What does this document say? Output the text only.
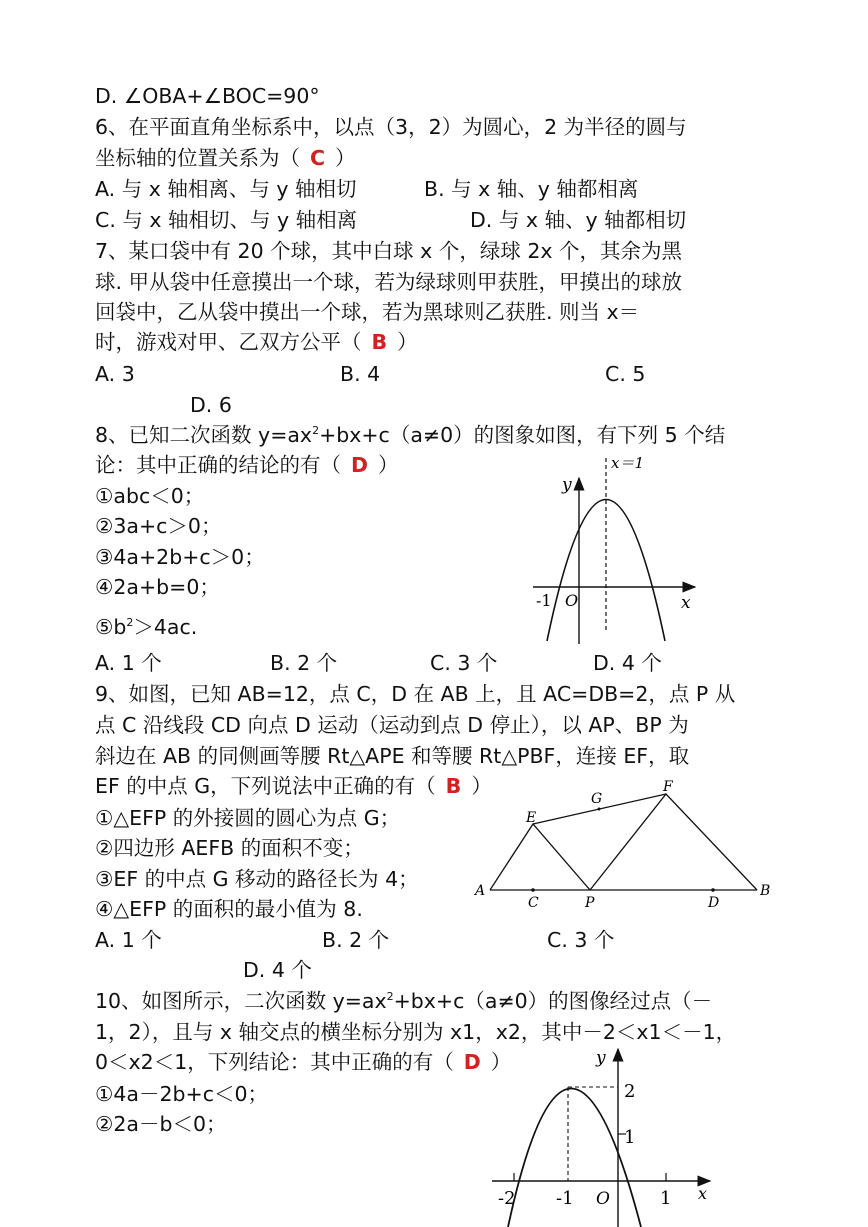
D. ∠OBA+∠BOC=90°
6、在平面直角坐标系中，以点（3，2）为圆心，2 为半径的圆与
坐标轴的位置关系为（ C ）
A. 与 x 轴相离、与 y 轴相切	B. 与 x 轴、y 轴都相离
C. 与 x 轴相切、与 y 轴相离	D. 与 x 轴、y 轴都相切
7、某口袋中有 20 个球，其中白球 x 个，绿球 2x 个，其余为黑
球. 甲从袋中任意摸出一个球，若为绿球则甲获胜，甲摸出的球放
回袋中，乙从袋中摸出一个球，若为黑球则乙获胜. 则当 x＝
时，游戏对甲、乙双方公平（ B ）
A. 3	B. 4	C. 5
D. 6
8、已知二次函数 $y=ax^2+bx+c(a\ne 0)$的图象如图，有下列 5 个结
论：其中正确的结论的有（ D ）
①abc＜0；
②3a+c＞0；
③4a+2b+c＞0；
④2a+b=0；
$⑤b^2>4ac$.
A. 1 个	B. 2 个	C. 3 个	D. 4 个
x＝1
y
x
O
-1
9、如图，已知 AB=12，点 C，D 在 AB 上，且 AC=DB=2，点 P 从
点 C 沿线段 CD 向点 D 运动（运动到点 D 停止），以 AP、BP 为
斜边在 AB 的同侧画等腰 Rt△APE 和等腰 Rt△PBF，连接 EF，取
EF 的中点 G，下列说法中正确的有（ B ）
①△EFP 的外接圆的圆心为点 G；
②四边形 AEFB 的面积不变；
③EF 的中点 G 移动的路径长为 4；
④△EFP 的面积的最小值为 8.
A. 1 个	B. 2 个	C. 3 个
D. 4 个
A	B
C	P	D
E
F
G
10、如图所示，二次函数 $y=ax^2+bx+c(a\ne 0)$的图像经过点（－
1，2），且与 x 轴交点的横坐标分别为 x1，x2，其中－2＜x1＜－1，
0＜x2＜1，下列结论：其中正确的有（ D ）
①4a－2b+c＜0；
②2a－b＜0；
y
x
O
2
1
-2 -1	1
